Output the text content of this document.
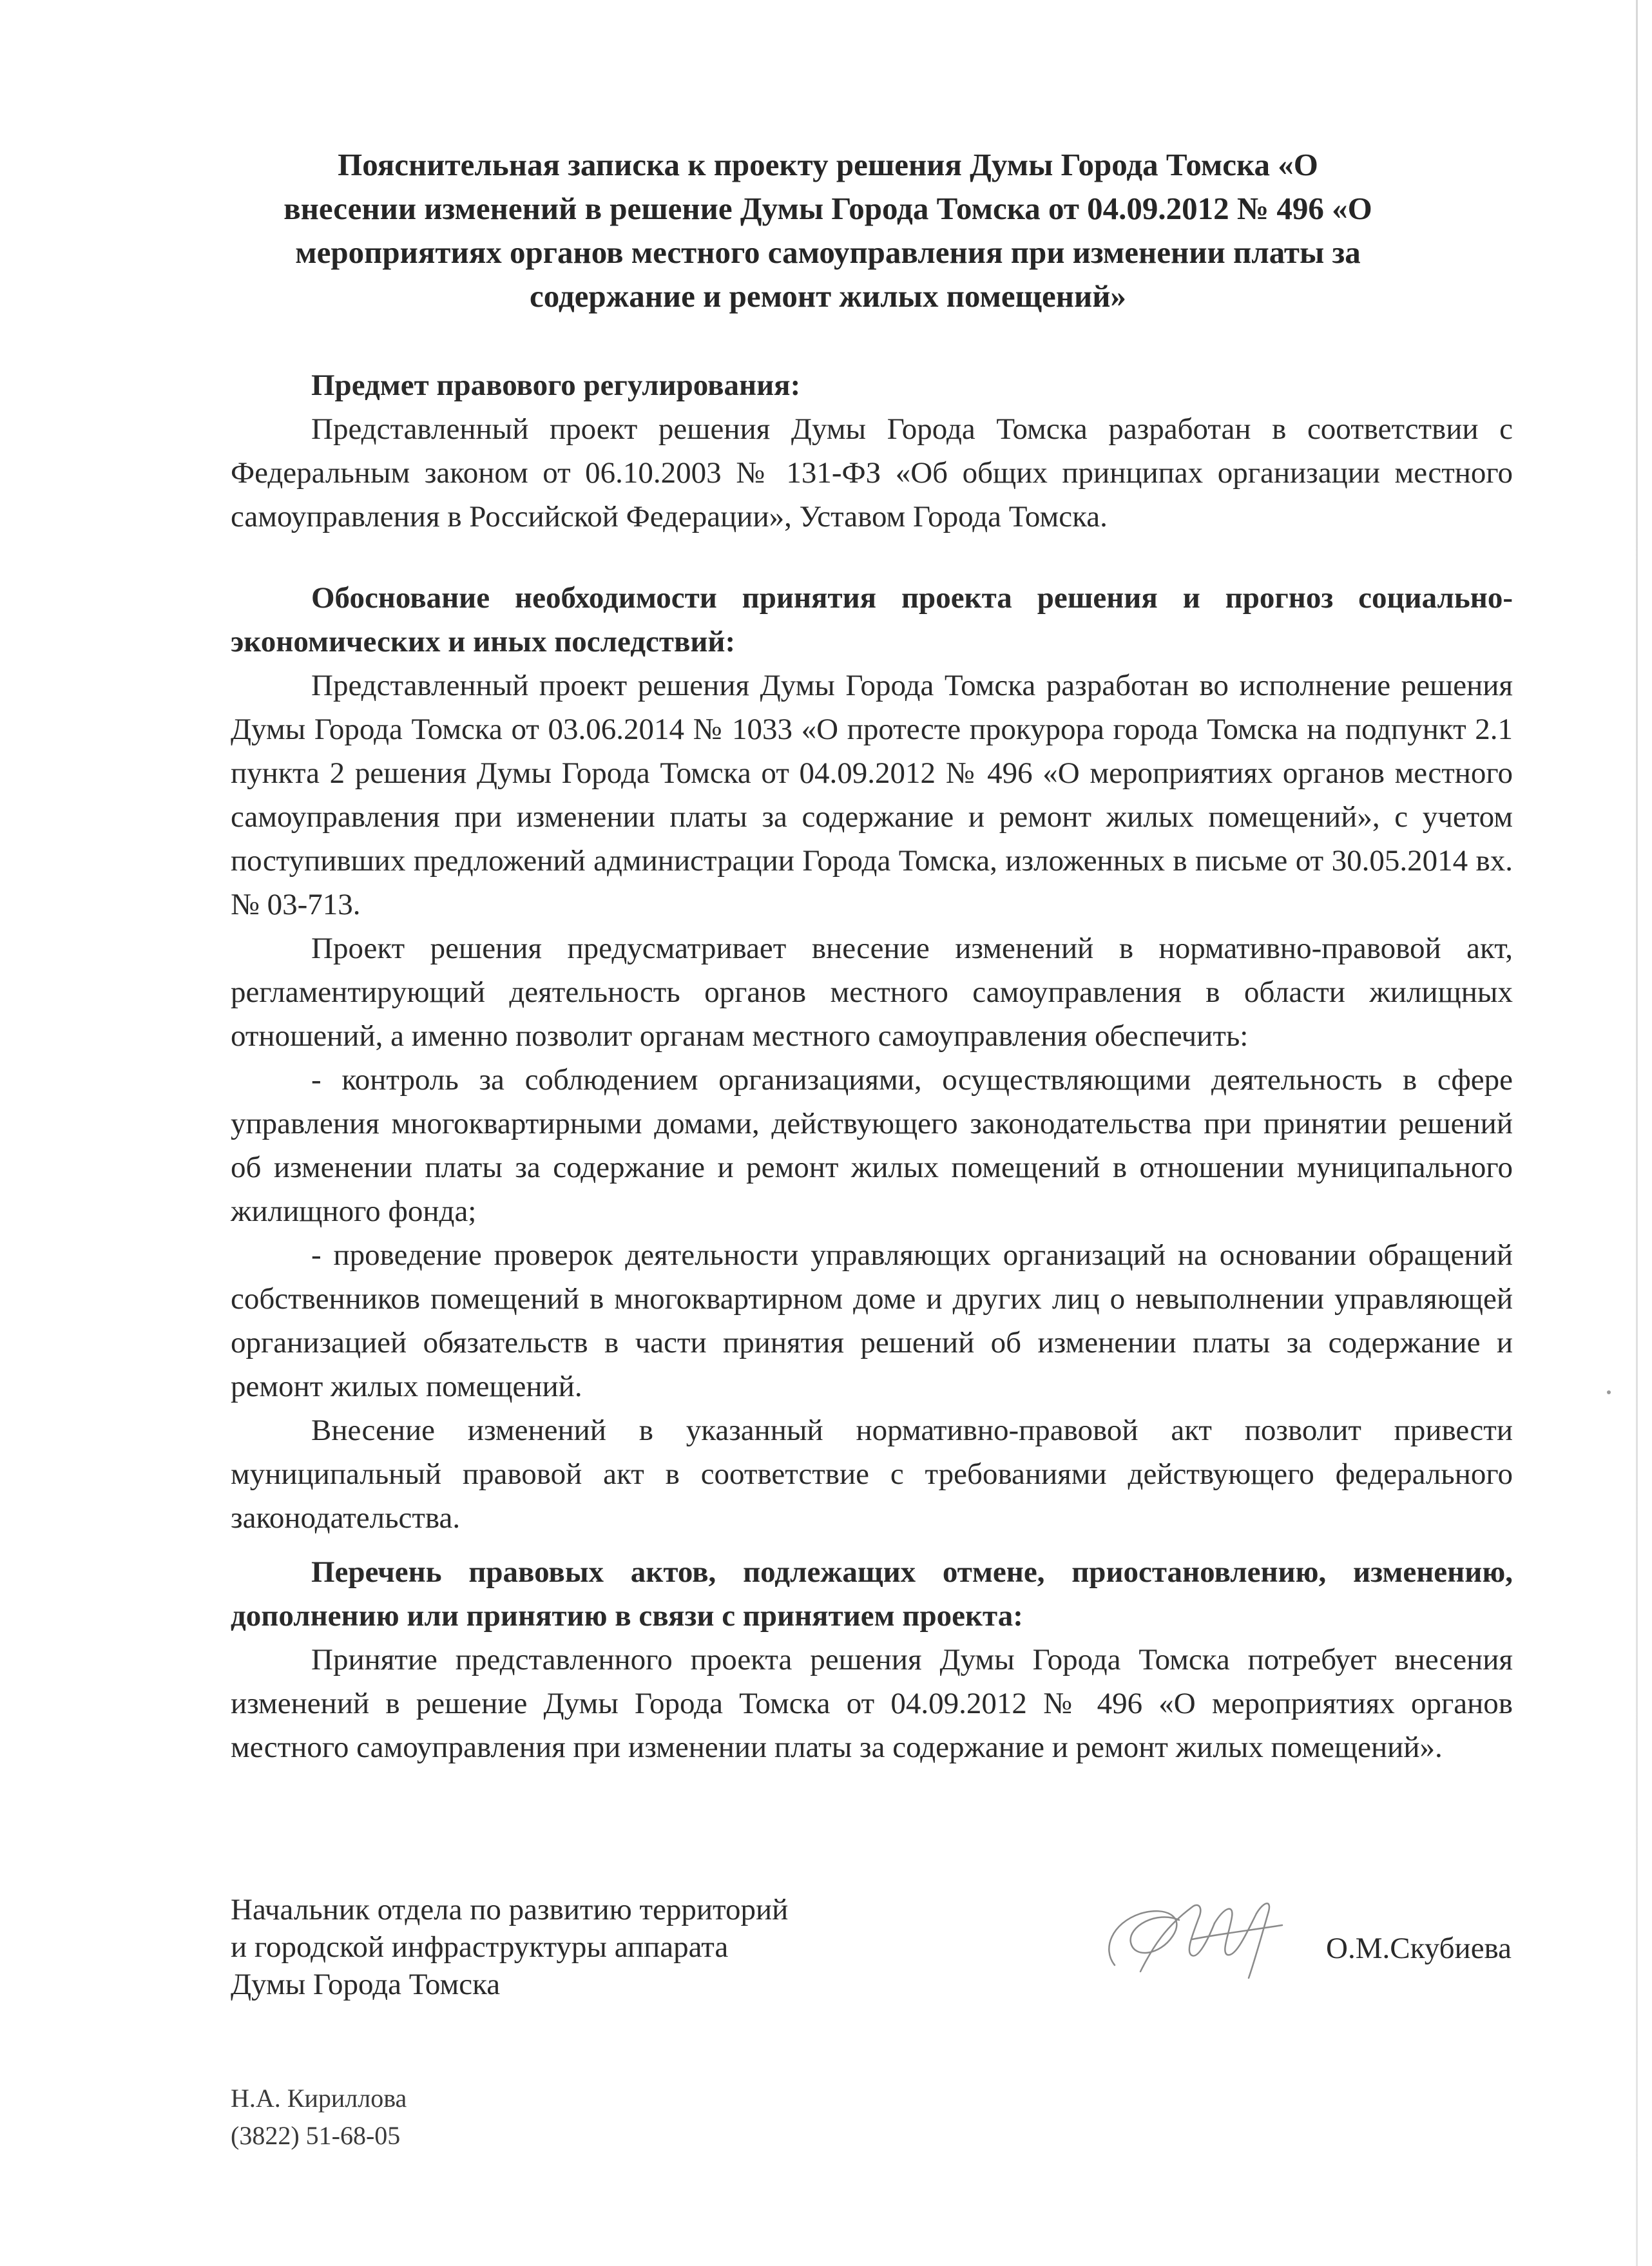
Пояснительная записка к проекту решения Думы Города Томска «О внесении изменений в решение Думы Города Томска от 04.09.2012 № 496 «О мероприятиях органов местного самоуправления при изменении платы за содержание и ремонт жилых помещений»
Предмет правового регулирования:
Представленный проект решения Думы Города Томска разработан в соответствии с Федеральным законом от 06.10.2003 № 131-ФЗ «Об общих принципах организации местного самоуправления в Российской Федерации», Уставом Города Томска.
Обоснование необходимости принятия проекта решения и прогноз социально-экономических и иных последствий:
Представленный проект решения Думы Города Томска разработан во исполнение решения Думы Города Томска от 03.06.2014 № 1033 «О протесте прокурора города Томска на подпункт 2.1 пункта 2 решения Думы Города Томска от 04.09.2012 № 496 «О мероприятиях органов местного самоуправления при изменении платы за содержание и ремонт жилых помещений», с учетом поступивших предложений администрации Города Томска, изложенных в письме от 30.05.2014 вх. № 03-713.
Проект решения предусматривает внесение изменений в нормативно-правовой акт, регламентирующий деятельность органов местного самоуправления в области жилищных отношений, а именно позволит органам местного самоуправления обеспечить:
- контроль за соблюдением организациями, осуществляющими деятельность в сфере управления многоквартирными домами, действующего законодательства при принятии решений об изменении платы за содержание и ремонт жилых помещений в отношении муниципального жилищного фонда;
- проведение проверок деятельности управляющих организаций на основании обращений собственников помещений в многоквартирном доме и других лиц о невыполнении управляющей организацией обязательств в части принятия решений об изменении платы за содержание и ремонт жилых помещений.
Внесение изменений в указанный нормативно-правовой акт позволит привести муниципальный правовой акт в соответствие с требованиями действующего федерального законодательства.
Перечень правовых актов, подлежащих отмене, приостановлению, изменению, дополнению или принятию в связи с принятием проекта:
Принятие представленного проекта решения Думы Города Томска потребует внесения изменений в решение Думы Города Томска от 04.09.2012 № 496 «О мероприятиях органов местного самоуправления при изменении платы за содержание и ремонт жилых помещений».
Начальник отдела по развитию территорий
и городской инфраструктуры аппарата
Думы Города Томска
О.М.Скубиева
Н.А. Кириллова
(3822) 51-68-05
